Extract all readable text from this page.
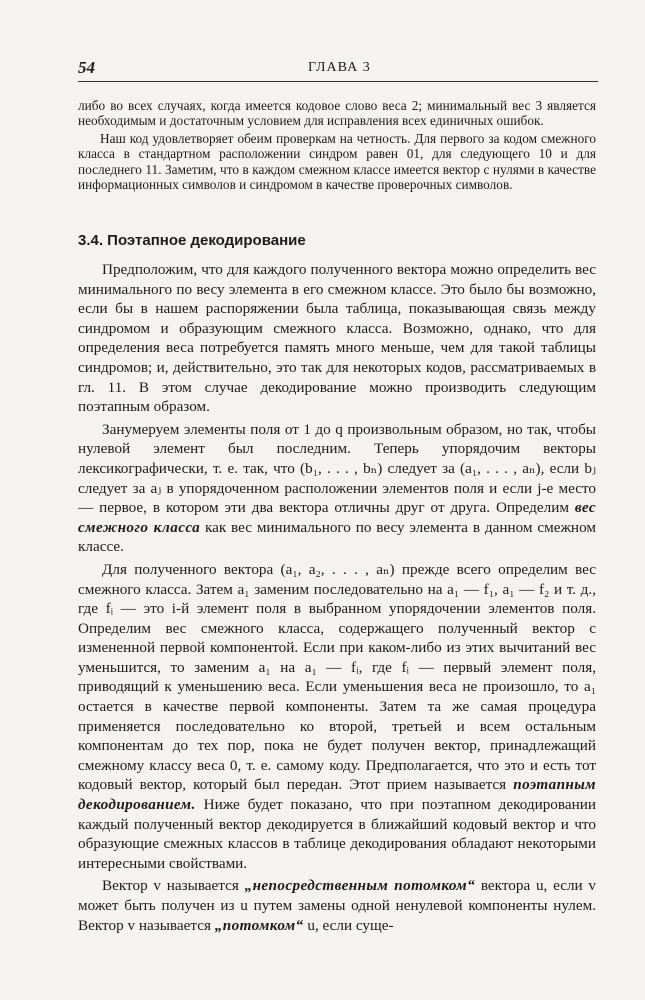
54	ГЛАВА 3

либо во всех случаях, когда имеется кодовое слово веса 2; минимальный вес 3 является необходимым и достаточным условием для исправления всех единичных ошибок.

Наш код удовлетворяет обеим проверкам на четность. Для первого за кодом смежного класса в стандартном расположении синдром равен 01, для следующего 10 и для последнего 11. Заметим, что в каждом смежном классе имеется вектор с нулями в качестве информационных символов и синдромом в качестве проверочных символов.

3.4. Поэтапное декодирование

Предположим, что для каждого полученного вектора можно определить вес минимального по весу элемента в его смежном классе. Это было бы возможно, если бы в нашем распоряжении была таблица, показывающая связь между синдромом и образующим смежного класса. Возможно, однако, что для определения веса потребуется память много меньше, чем для такой таблицы синдромов; и, действительно, это так для некоторых кодов, рассматриваемых в гл. 11. В этом случае декодирование можно производить следующим поэтапным образом.

Занумеруем элементы поля от 1 до q произвольным образом, но так, чтобы нулевой элемент был последним. Теперь упорядочим векторы лексикографически, т. е. так, что (b₁, . . . , bₙ) следует за (a₁, . . . , aₙ), если bⱼ следует за aⱼ в упорядоченном расположении элементов поля и если j-е место — первое, в котором эти два вектора отличны друг от друга. Определим вес смежного класса как вес минимального по весу элемента в данном смежном классе.

Для полученного вектора (a₁, a₂, . . . , aₙ) прежде всего определим вес смежного класса. Затем a₁ заменим последовательно на a₁ — f₁, a₁ — f₂ и т. д., где fᵢ — это i-й элемент поля в выбранном упорядочении элементов поля. Определим вес смежного класса, содержащего полученный вектор с измененной первой компонентой. Если при каком-либо из этих вычитаний вес уменьшится, то заменим a₁ на a₁ — fᵢ, где fᵢ — первый элемент поля, приводящий к уменьшению веса. Если уменьшения веса не произошло, то a₁ остается в качестве первой компоненты. Затем та же самая процедура применяется последовательно ко второй, третьей и всем остальным компонентам до тех пор, пока не будет получен вектор, принадлежащий смежному классу веса 0, т. е. самому коду. Предполагается, что это и есть тот кодовый вектор, который был передан. Этот прием называется поэтапным декодированием. Ниже будет показано, что при поэтапном декодировании каждый полученный вектор декодируется в ближайший кодовый вектор и что образующие смежных классов в таблице декодирования обладают некоторыми интересными свойствами.

Вектор v называется „непосредственным потомком“ вектора u, если v может быть получен из u путем замены одной ненулевой компоненты нулем. Вектор v называется „потомком“ u, если суще-
